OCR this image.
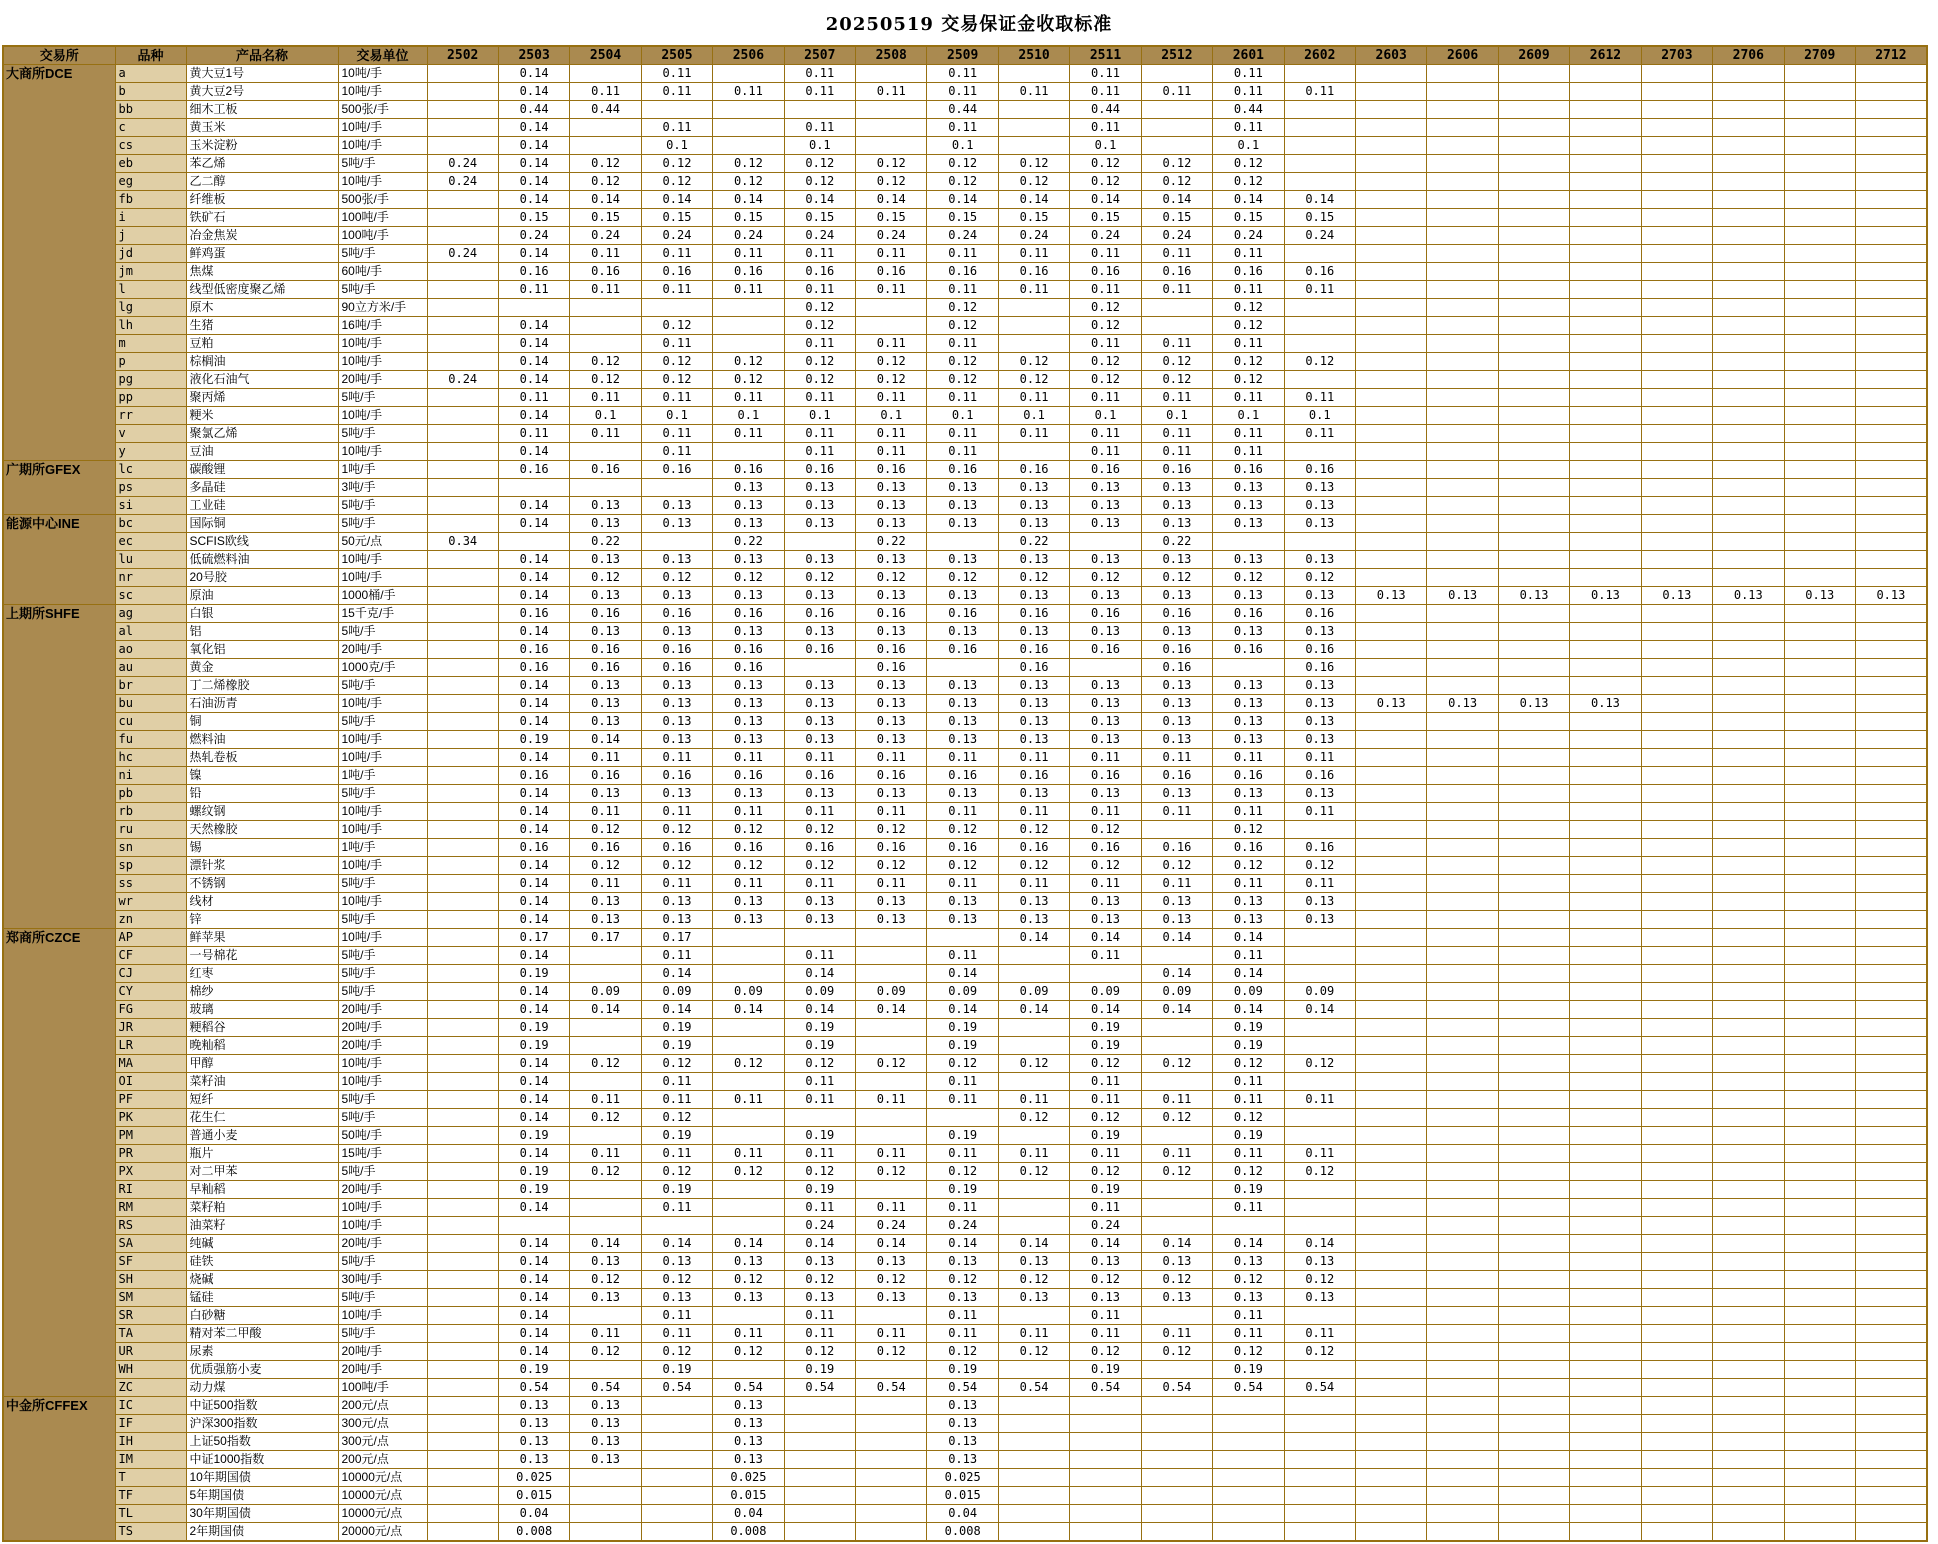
20250519 交易保证金收取标准
交易所	品种	产品名称	交易单位	2502	2503	2504	2505	2506	2507	2508	2509	2510	2511	2512	2601	2602	2603	2606	2609	2612	2703	2706	2709	2712
大商所DCE	a	黄大豆1号	10吨/手		0.14		0.11		0.11		0.11		0.11		0.11									
	b	黄大豆2号	10吨/手		0.14	0.11	0.11	0.11	0.11	0.11	0.11	0.11	0.11	0.11	0.11	0.11								
	bb	细木工板	500张/手		0.44	0.44					0.44		0.44		0.44									
	c	黄玉米	10吨/手		0.14		0.11		0.11		0.11		0.11		0.11									
	cs	玉米淀粉	10吨/手		0.14		0.1		0.1		0.1		0.1		0.1									
	eb	苯乙烯	5吨/手	0.24	0.14	0.12	0.12	0.12	0.12	0.12	0.12	0.12	0.12	0.12	0.12									
	eg	乙二醇	10吨/手	0.24	0.14	0.12	0.12	0.12	0.12	0.12	0.12	0.12	0.12	0.12	0.12									
	fb	纤维板	500张/手		0.14	0.14	0.14	0.14	0.14	0.14	0.14	0.14	0.14	0.14	0.14	0.14								
	i	铁矿石	100吨/手		0.15	0.15	0.15	0.15	0.15	0.15	0.15	0.15	0.15	0.15	0.15	0.15								
	j	冶金焦炭	100吨/手		0.24	0.24	0.24	0.24	0.24	0.24	0.24	0.24	0.24	0.24	0.24	0.24								
	jd	鲜鸡蛋	5吨/手	0.24	0.14	0.11	0.11	0.11	0.11	0.11	0.11	0.11	0.11	0.11	0.11									
	jm	焦煤	60吨/手		0.16	0.16	0.16	0.16	0.16	0.16	0.16	0.16	0.16	0.16	0.16	0.16								
	l	线型低密度聚乙烯	5吨/手		0.11	0.11	0.11	0.11	0.11	0.11	0.11	0.11	0.11	0.11	0.11	0.11								
	lg	原木	90立方米/手						0.12		0.12		0.12		0.12									
	lh	生猪	16吨/手		0.14		0.12		0.12		0.12		0.12		0.12									
	m	豆粕	10吨/手		0.14		0.11		0.11	0.11	0.11		0.11	0.11	0.11									
	p	棕榈油	10吨/手		0.14	0.12	0.12	0.12	0.12	0.12	0.12	0.12	0.12	0.12	0.12	0.12								
	pg	液化石油气	20吨/手	0.24	0.14	0.12	0.12	0.12	0.12	0.12	0.12	0.12	0.12	0.12	0.12									
	pp	聚丙烯	5吨/手		0.11	0.11	0.11	0.11	0.11	0.11	0.11	0.11	0.11	0.11	0.11	0.11								
	rr	粳米	10吨/手		0.14	0.1	0.1	0.1	0.1	0.1	0.1	0.1	0.1	0.1	0.1	0.1								
	v	聚氯乙烯	5吨/手		0.11	0.11	0.11	0.11	0.11	0.11	0.11	0.11	0.11	0.11	0.11	0.11								
	y	豆油	10吨/手		0.14		0.11		0.11	0.11	0.11		0.11	0.11	0.11									
广期所GFEX	lc	碳酸锂	1吨/手		0.16	0.16	0.16	0.16	0.16	0.16	0.16	0.16	0.16	0.16	0.16	0.16								
	ps	多晶硅	3吨/手					0.13	0.13	0.13	0.13	0.13	0.13	0.13	0.13	0.13								
	si	工业硅	5吨/手		0.14	0.13	0.13	0.13	0.13	0.13	0.13	0.13	0.13	0.13	0.13	0.13								
能源中心INE	bc	国际铜	5吨/手		0.14	0.13	0.13	0.13	0.13	0.13	0.13	0.13	0.13	0.13	0.13	0.13								
	ec	SCFIS欧线	50元/点	0.34		0.22		0.22		0.22		0.22		0.22										
	lu	低硫燃料油	10吨/手		0.14	0.13	0.13	0.13	0.13	0.13	0.13	0.13	0.13	0.13	0.13	0.13								
	nr	20号胶	10吨/手		0.14	0.12	0.12	0.12	0.12	0.12	0.12	0.12	0.12	0.12	0.12	0.12								
	sc	原油	1000桶/手		0.14	0.13	0.13	0.13	0.13	0.13	0.13	0.13	0.13	0.13	0.13	0.13	0.13	0.13	0.13	0.13	0.13	0.13	0.13	0.13
上期所SHFE	ag	白银	15千克/手		0.16	0.16	0.16	0.16	0.16	0.16	0.16	0.16	0.16	0.16	0.16	0.16								
	al	铝	5吨/手		0.14	0.13	0.13	0.13	0.13	0.13	0.13	0.13	0.13	0.13	0.13	0.13								
	ao	氧化铝	20吨/手		0.16	0.16	0.16	0.16	0.16	0.16	0.16	0.16	0.16	0.16	0.16	0.16								
	au	黄金	1000克/手		0.16	0.16	0.16	0.16		0.16		0.16		0.16		0.16								
	br	丁二烯橡胶	5吨/手		0.14	0.13	0.13	0.13	0.13	0.13	0.13	0.13	0.13	0.13	0.13	0.13								
	bu	石油沥青	10吨/手		0.14	0.13	0.13	0.13	0.13	0.13	0.13	0.13	0.13	0.13	0.13	0.13	0.13	0.13	0.13	0.13				
	cu	铜	5吨/手		0.14	0.13	0.13	0.13	0.13	0.13	0.13	0.13	0.13	0.13	0.13	0.13								
	fu	燃料油	10吨/手		0.19	0.14	0.13	0.13	0.13	0.13	0.13	0.13	0.13	0.13	0.13	0.13								
	hc	热轧卷板	10吨/手		0.14	0.11	0.11	0.11	0.11	0.11	0.11	0.11	0.11	0.11	0.11	0.11								
	ni	镍	1吨/手		0.16	0.16	0.16	0.16	0.16	0.16	0.16	0.16	0.16	0.16	0.16	0.16								
	pb	铅	5吨/手		0.14	0.13	0.13	0.13	0.13	0.13	0.13	0.13	0.13	0.13	0.13	0.13								
	rb	螺纹钢	10吨/手		0.14	0.11	0.11	0.11	0.11	0.11	0.11	0.11	0.11	0.11	0.11	0.11								
	ru	天然橡胶	10吨/手		0.14	0.12	0.12	0.12	0.12	0.12	0.12	0.12	0.12		0.12									
	sn	锡	1吨/手		0.16	0.16	0.16	0.16	0.16	0.16	0.16	0.16	0.16	0.16	0.16	0.16								
	sp	漂针浆	10吨/手		0.14	0.12	0.12	0.12	0.12	0.12	0.12	0.12	0.12	0.12	0.12	0.12								
	ss	不锈钢	5吨/手		0.14	0.11	0.11	0.11	0.11	0.11	0.11	0.11	0.11	0.11	0.11	0.11								
	wr	线材	10吨/手		0.14	0.13	0.13	0.13	0.13	0.13	0.13	0.13	0.13	0.13	0.13	0.13								
	zn	锌	5吨/手		0.14	0.13	0.13	0.13	0.13	0.13	0.13	0.13	0.13	0.13	0.13	0.13								
郑商所CZCE	AP	鲜苹果	10吨/手		0.17	0.17	0.17					0.14	0.14	0.14	0.14									
	CF	一号棉花	5吨/手		0.14		0.11		0.11		0.11		0.11		0.11									
	CJ	红枣	5吨/手		0.19		0.14		0.14		0.14			0.14	0.14									
	CY	棉纱	5吨/手		0.14	0.09	0.09	0.09	0.09	0.09	0.09	0.09	0.09	0.09	0.09	0.09								
	FG	玻璃	20吨/手		0.14	0.14	0.14	0.14	0.14	0.14	0.14	0.14	0.14	0.14	0.14	0.14								
	JR	粳稻谷	20吨/手		0.19		0.19		0.19		0.19		0.19		0.19									
	LR	晚籼稻	20吨/手		0.19		0.19		0.19		0.19		0.19		0.19									
	MA	甲醇	10吨/手		0.14	0.12	0.12	0.12	0.12	0.12	0.12	0.12	0.12	0.12	0.12	0.12								
	OI	菜籽油	10吨/手		0.14		0.11		0.11		0.11		0.11		0.11									
	PF	短纤	5吨/手		0.14	0.11	0.11	0.11	0.11	0.11	0.11	0.11	0.11	0.11	0.11	0.11								
	PK	花生仁	5吨/手		0.14	0.12	0.12					0.12	0.12	0.12	0.12									
	PM	普通小麦	50吨/手		0.19		0.19		0.19		0.19		0.19		0.19									
	PR	瓶片	15吨/手		0.14	0.11	0.11	0.11	0.11	0.11	0.11	0.11	0.11	0.11	0.11	0.11								
	PX	对二甲苯	5吨/手		0.19	0.12	0.12	0.12	0.12	0.12	0.12	0.12	0.12	0.12	0.12	0.12								
	RI	早籼稻	20吨/手		0.19		0.19		0.19		0.19		0.19		0.19									
	RM	菜籽粕	10吨/手		0.14		0.11		0.11	0.11	0.11		0.11		0.11									
	RS	油菜籽	10吨/手						0.24	0.24	0.24		0.24											
	SA	纯碱	20吨/手		0.14	0.14	0.14	0.14	0.14	0.14	0.14	0.14	0.14	0.14	0.14	0.14								
	SF	硅铁	5吨/手		0.14	0.13	0.13	0.13	0.13	0.13	0.13	0.13	0.13	0.13	0.13	0.13								
	SH	烧碱	30吨/手		0.14	0.12	0.12	0.12	0.12	0.12	0.12	0.12	0.12	0.12	0.12	0.12								
	SM	锰硅	5吨/手		0.14	0.13	0.13	0.13	0.13	0.13	0.13	0.13	0.13	0.13	0.13	0.13								
	SR	白砂糖	10吨/手		0.14		0.11		0.11		0.11		0.11		0.11									
	TA	精对苯二甲酸	5吨/手		0.14	0.11	0.11	0.11	0.11	0.11	0.11	0.11	0.11	0.11	0.11	0.11								
	UR	尿素	20吨/手		0.14	0.12	0.12	0.12	0.12	0.12	0.12	0.12	0.12	0.12	0.12	0.12								
	WH	优质强筋小麦	20吨/手		0.19		0.19		0.19		0.19		0.19		0.19									
	ZC	动力煤	100吨/手		0.54	0.54	0.54	0.54	0.54	0.54	0.54	0.54	0.54	0.54	0.54	0.54								
中金所CFFEX	IC	中证500指数	200元/点		0.13	0.13		0.13			0.13													
	IF	沪深300指数	300元/点		0.13	0.13		0.13			0.13													
	IH	上证50指数	300元/点		0.13	0.13		0.13			0.13													
	IM	中证1000指数	200元/点		0.13	0.13		0.13			0.13													
	T	10年期国债	10000元/点		0.025			0.025			0.025													
	TF	5年期国债	10000元/点		0.015			0.015			0.015													
	TL	30年期国债	10000元/点		0.04			0.04			0.04													
	TS	2年期国债	20000元/点		0.008			0.008			0.008													
